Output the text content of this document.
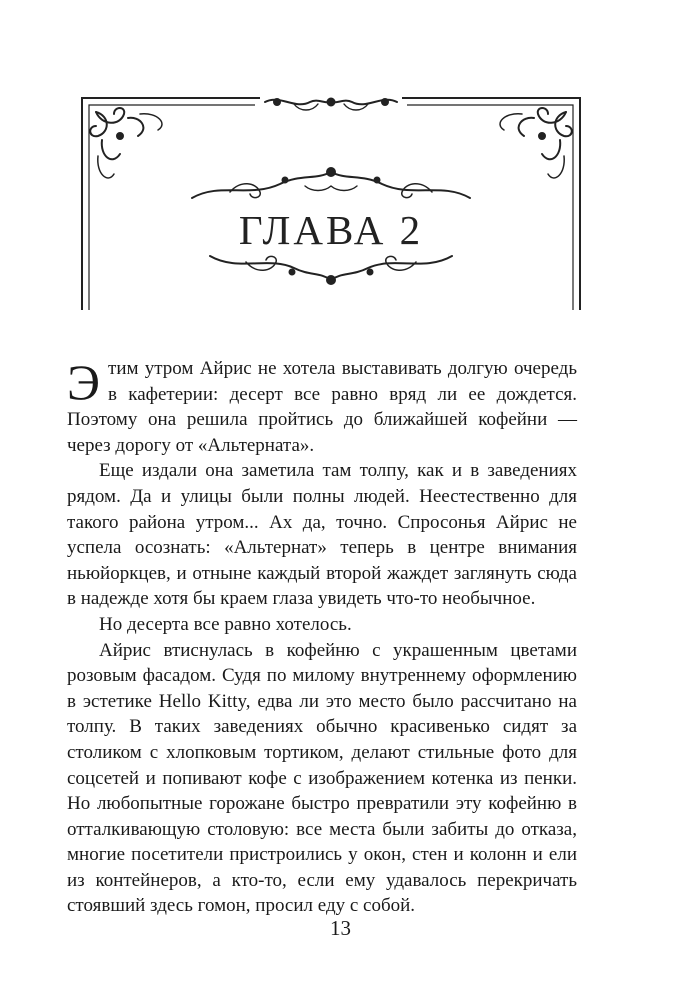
ГЛАВА 2

Этим утром Айрис не хотела выставивать долгую очередь в кафетерии: десерт все равно вряд ли ее дождется. Поэтому она решила пройтись до ближайшей кофейни — через дорогу от «Альтерната».

Еще издали она заметила там толпу, как и в заведениях рядом. Да и улицы были полны людей. Неестественно для такого района утром... Ах да, точно. Спросонья Айрис не успела осознать: «Альтернат» теперь в центре внимания ньюйоркцев, и отныне каждый второй жаждет заглянуть сюда в надежде хотя бы краем глаза увидеть что-то необычное.

Но десерта все равно хотелось.

Айрис втиснулась в кофейню с украшенным цветами розовым фасадом. Судя по милому внутреннему оформлению в эстетике Hello Kitty, едва ли это место было рассчитано на толпу. В таких заведениях обычно красивенько сидят за столиком с хлопковым тортиком, делают стильные фото для соцсетей и попивают кофе с изображением котенка из пенки. Но любопытные горожане быстро превратили эту кофейню в отталкивающую столовую: все места были забиты до отказа, многие посетители пристроились у окон, стен и колонн и ели из контейнеров, а кто-то, если ему удавалось перекричать стоявший здесь гомон, просил еду с собой.

13
